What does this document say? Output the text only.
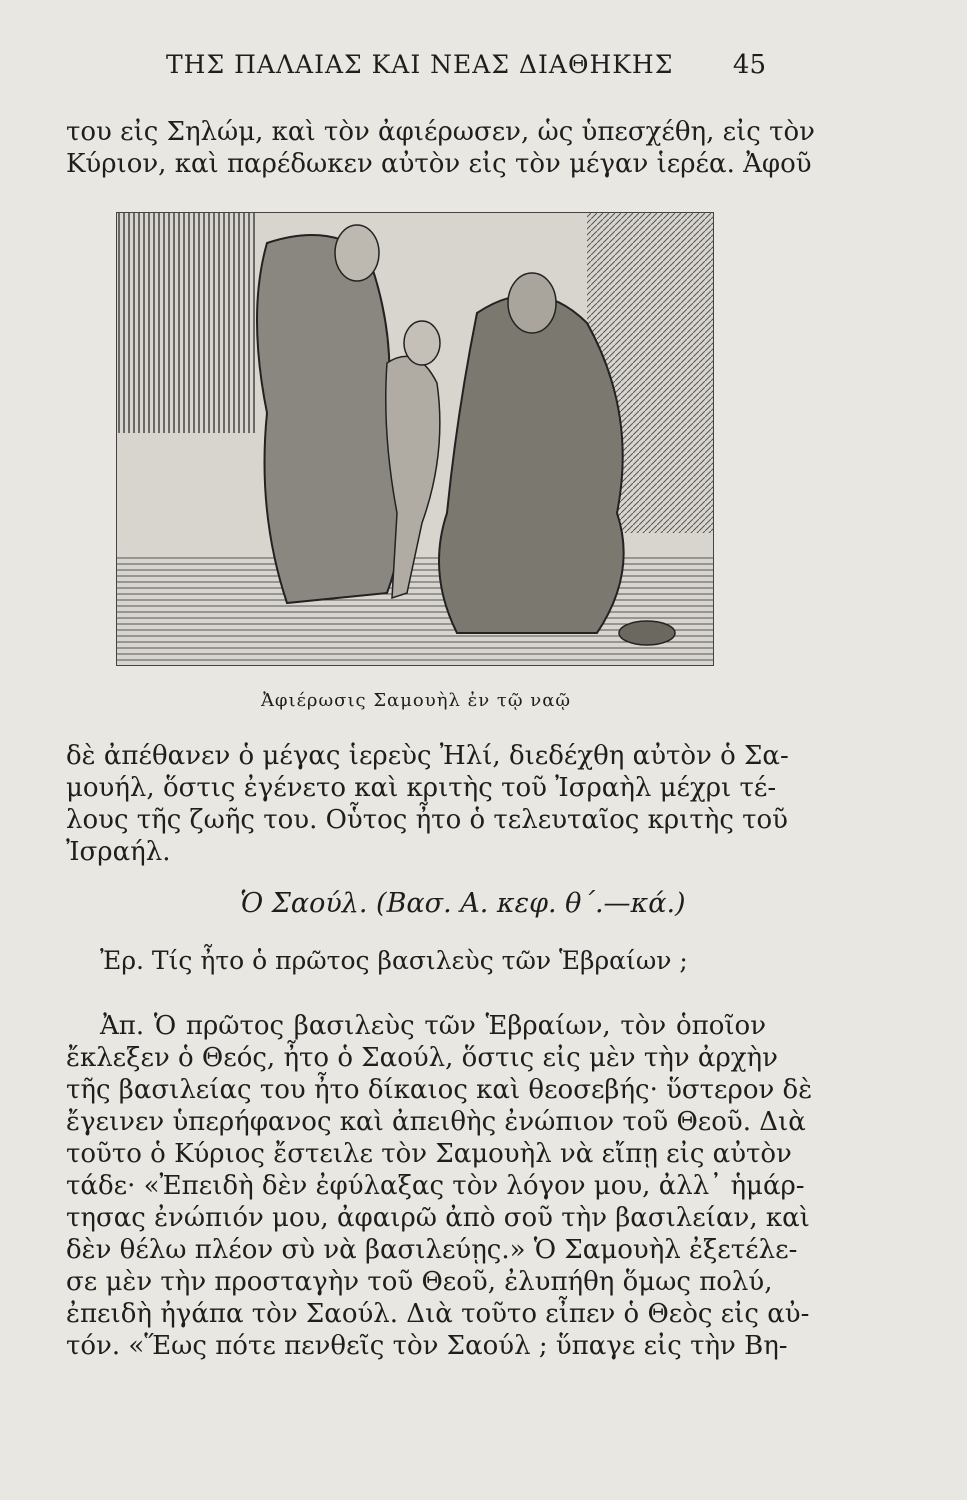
ΤΗΣ ΠΑΛΑΙΑΣ ΚΑΙ ΝΕΑΣ ΔΙΑΘΗΚΗΣ 45
του εἰς Σηλώμ, καὶ τὸν ἀφιέρωσεν, ὡς ὑπεσχέθη, εἰς τὸν
Κύριον, καὶ παρέδωκεν αὐτὸν εἰς τὸν μέγαν ἱερέα. Ἀφοῦ
Ἀφιέρωσις Σαμουὴλ ἐν τῷ ναῷ
δὲ ἀπέθανεν ὁ μέγας ἱερεὺς Ἠλί, διεδέχθη αὐτὸν ὁ Σα-
μουήλ, ὅστις ἐγένετο καὶ κριτὴς τοῦ Ἰσραὴλ μέχρι τέ-
λους τῆς ζωῆς του. Οὗτος ἦτο ὁ τελευταῖος κριτὴς τοῦ
Ἰσραήλ.
Ὁ Σαούλ. (Βασ. Α. κεφ. θ΄.—κά.)
Ἐρ. Τίς ἦτο ὁ πρῶτος βασιλεὺς τῶν Ἑβραίων ;
Ἀπ. Ὁ πρῶτος βασιλεὺς τῶν Ἑβραίων, τὸν ὁποῖον
ἔκλεξεν ὁ Θεός, ἦτο ὁ Σαούλ, ὅστις εἰς μὲν τὴν ἀρχὴν
τῆς βασιλείας του ἦτο δίκαιος καὶ θεοσεβής· ὕστερον δὲ
ἔγεινεν ὑπερήφανος καὶ ἀπειθὴς ἐνώπιον τοῦ Θεοῦ. Διὰ
τοῦτο ὁ Κύριος ἔστειλε τὸν Σαμουὴλ νὰ εἴπῃ εἰς αὐτὸν
τάδε· «Ἐπειδὴ δὲν ἐφύλαξας τὸν λόγον μου, ἀλλ᾽ ἡμάρ-
τησας ἐνώπιόν μου, ἀφαιρῶ ἀπὸ σοῦ τὴν βασιλείαν, καὶ
δὲν θέλω πλέον σὺ νὰ βασιλεύῃς.» Ὁ Σαμουὴλ ἐξετέλε-
σε μὲν τὴν προσταγὴν τοῦ Θεοῦ, ἐλυπήθη ὅμως πολύ,
ἐπειδὴ ἠγάπα τὸν Σαούλ. Διὰ τοῦτο εἶπεν ὁ Θεὸς εἰς αὐ-
τόν. «Ἕως πότε πενθεῖς τὸν Σαούλ ; ὕπαγε εἰς τὴν Βη-
